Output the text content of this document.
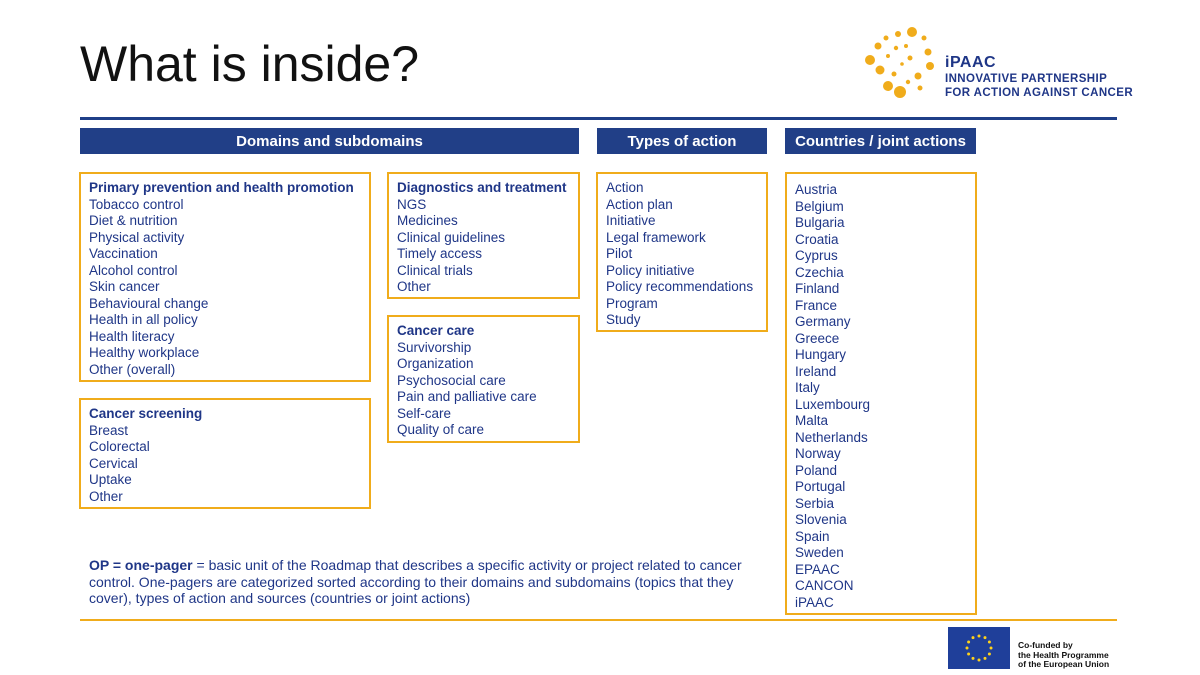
What is inside?	iPAAC
INNOVATIVE PARTNERSHIP
FOR ACTION AGAINST CANCER
Domains and subdomains	Types of action	Countries / joint actions
Primary prevention and health promotion
Tobacco control
Diet & nutrition
Physical activity
Vaccination
Alcohol control
Skin cancer
Behavioural change
Health in all policy
Health literacy
Healthy workplace
Other (overall)
Cancer screening
Breast
Colorectal
Cervical
Uptake
Other
Diagnostics and treatment
NGS
Medicines
Clinical guidelines
Timely access
Clinical trials
Other
Cancer care
Survivorship
Organization
Psychosocial care
Pain and palliative care
Self-care
Quality of care
Action
Action plan
Initiative
Legal framework
Pilot
Policy initiative
Policy recommendations
Program
Study
Austria
Belgium
Bulgaria
Croatia
Cyprus
Czechia
Finland
France
Germany
Greece
Hungary
Ireland
Italy
Luxembourg
Malta
Netherlands
Norway
Poland
Portugal
Serbia
Slovenia
Spain
Sweden
EPAAC
CANCON
iPAAC
OP = one-pager = basic unit of the Roadmap that describes a specific activity or project related to cancer control. One-pagers are categorized sorted according to their domains and subdomains (topics that they cover), types of action and sources (countries or joint actions)
Co-funded by
the Health Programme
of the European Union
